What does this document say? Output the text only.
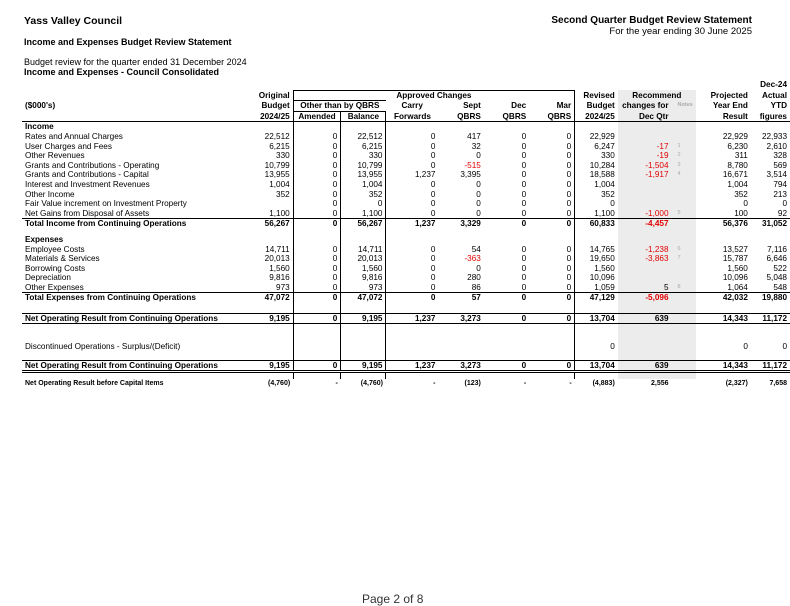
Yass Valley Council
Income and Expenses Budget Review Statement
Budget review for the quarter ended 31 December 2024
Income and Expenses - Council Consolidated
Second Quarter Budget Review Statement
For the year ending 30 June 2025
												Dec-24
	Original	Approved Changes						Revised	Recommend		Projected	Actual
($000's)	Budget	Other than by QBRS		Carry	Sept	Dec	Mar	Budget	changes for	Notes	Year End	YTD
	2024/25	Amended	Balance	Forwards	QBRS	QBRS	QBRS	2024/25	Dec Qtr		Result	figures
Income												
Rates and Annual Charges	22,512	0	22,512	0	417	0	0	22,929			22,929	22,933
User Charges and Fees	6,215	0	6,215	0	32	0	0	6,247	-17	1	6,230	2,610
Other Revenues	330	0	330	0	0	0	0	330	-19	2	311	328
Grants and Contributions - Operating	10,799	0	10,799	0	-515	0	0	10,284	-1,504	3	8,780	569
Grants and Contributions - Capital	13,955	0	13,955	1,237	3,395	0	0	18,588	-1,917	4	16,671	3,514
Interest and Investment Revenues	1,004	0	1,004	0	0	0	0	1,004			1,004	794
Other Income	352	0	352	0	0	0	0	352			352	213
Fair Value increment on Investment Property		0	0	0	0	0	0	0			0	0
Net Gains from Disposal of Assets	1,100	0	1,100	0	0	0	0	1,100	-1,000	5	100	92
Total Income from Continuing Operations	56,267	0	56,267	1,237	3,329	0	0	60,833	-4,457		56,376	31,052

Expenses												
Employee Costs	14,711	0	14,711	0	54	0	0	14,765	-1,238	6	13,527	7,116
Materials & Services	20,013	0	20,013	0	-363	0	0	19,650	-3,863	7	15,787	6,646
Borrowing Costs	1,560	0	1,560	0	0	0	0	1,560			1,560	522
Depreciation	9,816	0	9,816	0	280	0	0	10,096			10,096	5,048
Other Expenses	973	0	973	0	86	0	0	1,059	5	8	1,064	548
Total Expenses from Continuing Operations	47,072	0	47,072	0	57	0	0	47,129	-5,096		42,032	19,880

Net Operating Result from Continuing Operations	9,195	0	9,195	1,237	3,273	0	0	13,704	639		14,343	11,172

Discontinued Operations - Surplus/(Deficit)								0			0	0

Net Operating Result from Continuing Operations	9,195	0	9,195	1,237	3,273	0	0	13,704	639		14,343	11,172

Net Operating Result before Capital Items	(4,760)	-	(4,760)	-	(123)	-	-	(4,883)	2,556		(2,327)	7,658
Page 2 of 8
